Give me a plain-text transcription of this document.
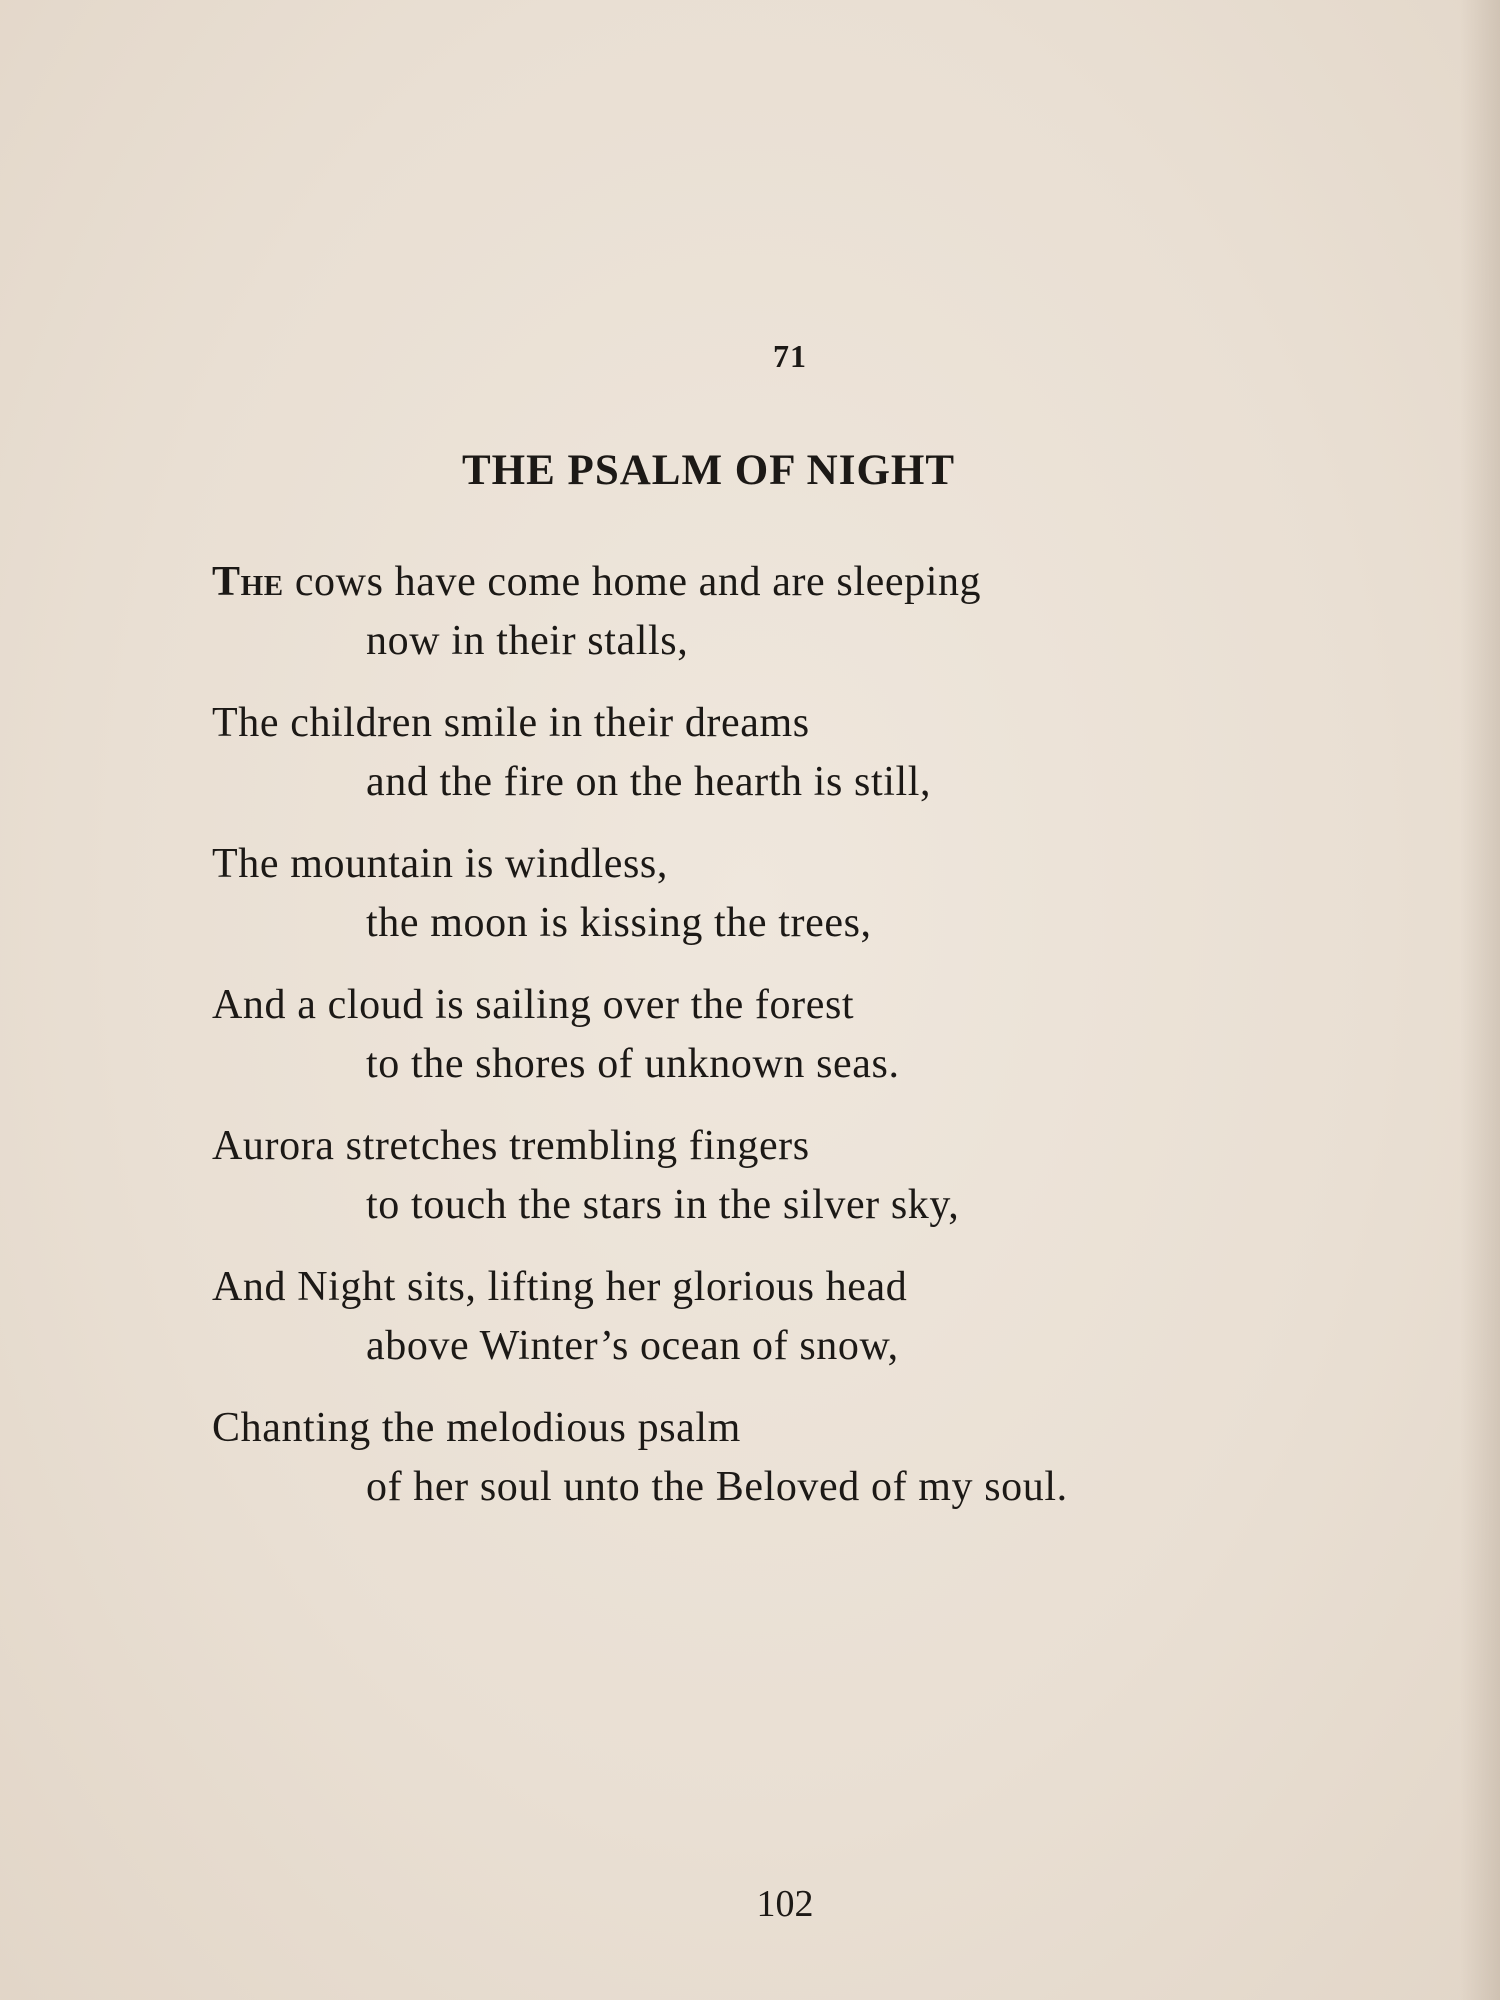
71
THE PSALM OF NIGHT
The cows have come home and are sleeping
now in their stalls,
The children smile in their dreams
and the fire on the hearth is still,
The mountain is windless,
the moon is kissing the trees,
And a cloud is sailing over the forest
to the shores of unknown seas.
Aurora stretches trembling fingers
to touch the stars in the silver sky,
And Night sits, lifting her glorious head
above Winter’s ocean of snow,
Chanting the melodious psalm
of her soul unto the Beloved of my soul.
102
